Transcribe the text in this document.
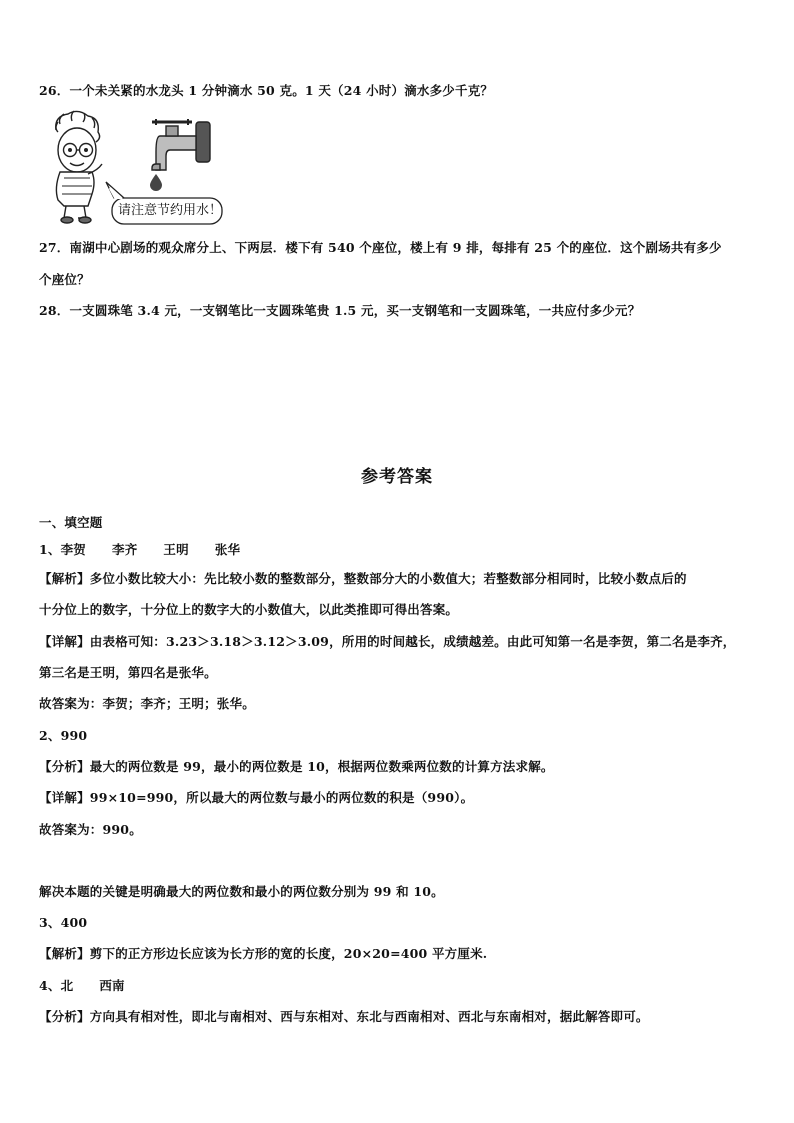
26．一个未关紧的水龙头 1 分钟滴水 50 克。1 天（24 小时）滴水多少千克？
请注意节约用水！
27．南湖中心剧场的观众席分上、下两层．楼下有 540 个座位，楼上有 9 排，每排有 25 个的座位．这个剧场共有多少
个座位？
28．一支圆珠笔 3.4 元，一支钢笔比一支圆珠笔贵 1.5 元，买一支钢笔和一支圆珠笔，一共应付多少元？
参考答案
一、填空题
1、李贺 李齐 王明 张华
【解析】多位小数比较大小：先比较小数的整数部分，整数部分大的小数值大；若整数部分相同时，比较小数点后的
十分位上的数字，十分位上的数字大的小数值大，以此类推即可得出答案。
【详解】由表格可知：3.23＞3.18＞3.12＞3.09，所用的时间越长，成绩越差。由此可知第一名是李贺，第二名是李齐，
第三名是王明，第四名是张华。
故答案为：李贺；李齐；王明；张华。
2、990
【分析】最大的两位数是 99，最小的两位数是 10，根据两位数乘两位数的计算方法求解。
【详解】99×10=990，所以最大的两位数与最小的两位数的积是（990）。
故答案为：990。
解决本题的关键是明确最大的两位数和最小的两位数分别为 99 和 10。
3、400
【解析】剪下的正方形边长应该为长方形的宽的长度，20×20=400 平方厘米.
4、北 西南
【分析】方向具有相对性，即北与南相对、西与东相对、东北与西南相对、西北与东南相对，据此解答即可。
